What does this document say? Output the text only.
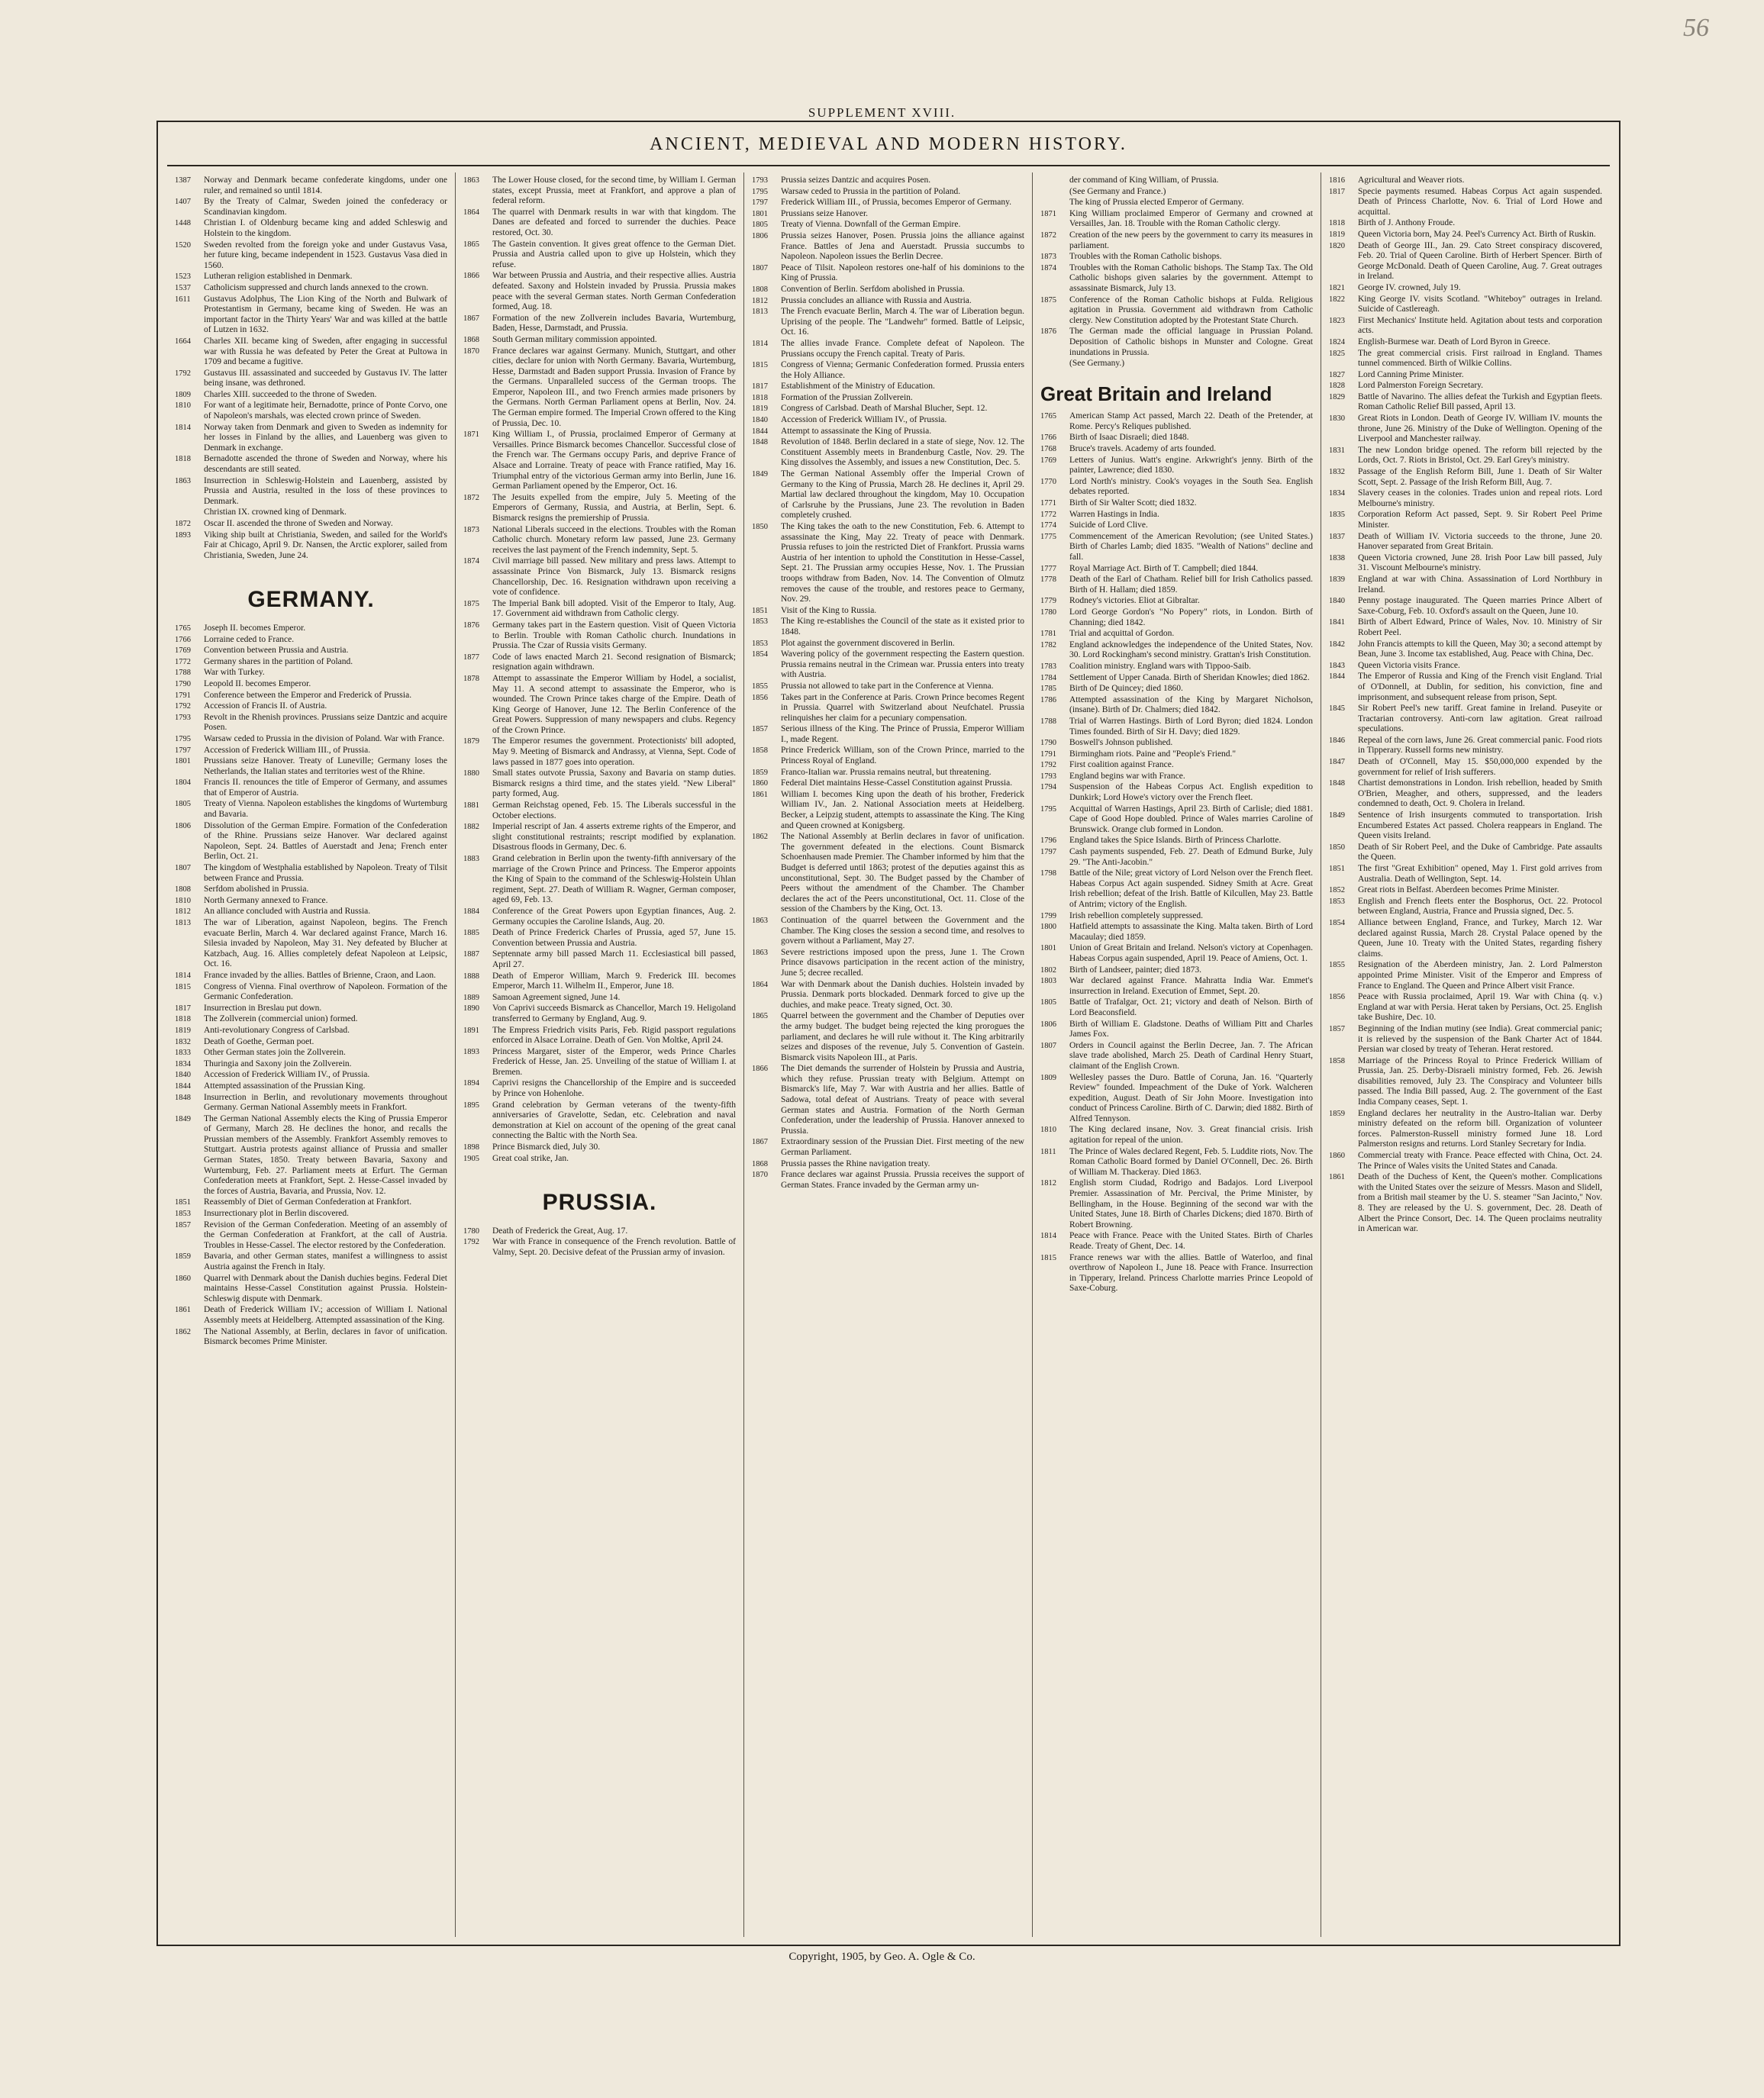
56
SUPPLEMENT XVIII.
ANCIENT, MEDIEVAL AND MODERN HISTORY.
1387	Norway and Denmark became confederate kingdoms, under one ruler, and remained so until 1814.
1407	By the Treaty of Calmar, Sweden joined the confederacy or Scandinavian kingdom.
1448	Christian I. of Oldenburg became king and added Schleswig and Holstein to the kingdom.
1520	Sweden revolted from the foreign yoke and under Gustavus Vasa, her future king, became independent in 1523. Gustavus Vasa died in 1560.
1523	Lutheran religion established in Denmark.
1537	Catholicism suppressed and church lands annexed to the crown.
1611	Gustavus Adolphus, The Lion King of the North and Bulwark of Protestantism in Germany, became king of Sweden. He was an important factor in the Thirty Years' War and was killed at the battle of Lutzen in 1632.
1664	Charles XII. became king of Sweden, after engaging in successful war with Russia he was defeated by Peter the Great at Pultowa in 1709 and became a fugitive.
1792	Gustavus III. assassinated and succeeded by Gustavus IV. The latter being insane, was dethroned.
1809	Charles XIII. succeeded to the throne of Sweden.
1810	For want of a legitimate heir, Bernadotte, prince of Ponte Corvo, one of Napoleon's marshals, was elected crown prince of Sweden.
1814	Norway taken from Denmark and given to Sweden as indemnity for her losses in Finland by the allies, and Lauenberg was given to Denmark in exchange.
1818	Bernadotte ascended the throne of Sweden and Norway, where his descendants are still seated.
1863	Insurrection in Schleswig-Holstein and Lauenberg, assisted by Prussia and Austria, resulted in the loss of these provinces to Denmark.
Christian IX. crowned king of Denmark.
1872	Oscar II. ascended the throne of Sweden and Norway.
1893	Viking ship built at Christiania, Sweden, and sailed for the World's Fair at Chicago, April 9. Dr. Nansen, the Arctic explorer, sailed from Christiania, Sweden, June 24.
GERMANY.
1765	Joseph II. becomes Emperor.
1766	Lorraine ceded to France.
1769	Convention between Prussia and Austria.
1772	Germany shares in the partition of Poland.
1788	War with Turkey.
1790	Leopold II. becomes Emperor.
1791	Conference between the Emperor and Frederick of Prussia.
1792	Accession of Francis II. of Austria.
1793	Revolt in the Rhenish provinces. Prussians seize Dantzic and acquire Posen.
1795	Warsaw ceded to Prussia in the division of Poland. War with France.
1797	Accession of Frederick William III., of Prussia.
1801	Prussians seize Hanover. Treaty of Luneville; Germany loses the Netherlands, the Italian states and territories west of the Rhine.
1804	Francis II. renounces the title of Emperor of Germany, and assumes that of Emperor of Austria.
1805	Treaty of Vienna. Napoleon establishes the kingdoms of Wurtemburg and Bavaria.
1806	Dissolution of the German Empire. Formation of the Confederation of the Rhine. Prussians seize Hanover. War declared against Napoleon, Sept. 24. Battles of Auerstadt and Jena; French enter Berlin, Oct. 21.
1807	The kingdom of Westphalia established by Napoleon. Treaty of Tilsit between France and Prussia.
1808	Serfdom abolished in Prussia.
1810	North Germany annexed to France.
1812	An alliance concluded with Austria and Russia.
1813	The war of Liberation, against Napoleon, begins. The French evacuate Berlin, March 4. War declared against France, March 16. Silesia invaded by Napoleon, May 31. Ney defeated by Blucher at Katzbach, Aug. 16. Allies completely defeat Napoleon at Leipsic, Oct. 16.
1814	France invaded by the allies. Battles of Brienne, Craon, and Laon.
1815	Congress of Vienna. Final overthrow of Napoleon. Formation of the Germanic Confederation.
1817	Insurrection in Breslau put down.
1818	The Zollverein (commercial union) formed.
1819	Anti-revolutionary Congress of Carlsbad.
1832	Death of Goethe, German poet.
1833	Other German states join the Zollverein.
1834	Thuringia and Saxony join the Zollverein.
1840	Accession of Frederick William IV., of Prussia.
1844	Attempted assassination of the Prussian King.
1848	Insurrection in Berlin, and revolutionary movements throughout Germany. German National Assembly meets in Frankfort.
1849	The German National Assembly elects the King of Prussia Emperor of Germany, March 28. He declines the honor, and recalls the Prussian members of the Assembly. Frankfort Assembly removes to Stuttgart. Austria protests against alliance of Prussia and smaller German States, 1850. Treaty between Bavaria, Saxony and Wurtemburg, Feb. 27. Parliament meets at Erfurt. The German Confederation meets at Frankfort, Sept. 2. Hesse-Cassel invaded by the forces of Austria, Bavaria, and Prussia, Nov. 12.
1851	Reassembly of Diet of German Confederation at Frankfort.
1853	Insurrectionary plot in Berlin discovered.
1857	Revision of the German Confederation. Meeting of an assembly of the German Confederation at Frankfort, at the call of Austria. Troubles in Hesse-Cassel. The elector restored by the Confederation.
1859	Bavaria, and other German states, manifest a willingness to assist Austria against the French in Italy.
1860	Quarrel with Denmark about the Danish duchies begins. Federal Diet maintains Hesse-Cassel Constitution against Prussia. Holstein-Schleswig dispute with Denmark.
1861	Death of Frederick William IV.; accession of William I. National Assembly meets at Heidelberg. Attempted assassination of the King.
1862	The National Assembly, at Berlin, declares in favor of unification. Bismarck becomes Prime Minister.
1863	The Lower House closed, for the second time, by William I. German states, except Prussia, meet at Frankfort, and approve a plan of federal reform.
1864	The quarrel with Denmark results in war with that kingdom. The Danes are defeated and forced to surrender the duchies. Peace restored, Oct. 30.
1865	The Gastein convention. It gives great offence to the German Diet. Prussia and Austria called upon to give up Holstein, which they refuse.
1866	War between Prussia and Austria, and their respective allies. Austria defeated. Saxony and Holstein invaded by Prussia. Prussia makes peace with the several German states. North German Confederation formed, Aug. 18.
1867	Formation of the new Zollverein includes Bavaria, Wurtemburg, Baden, Hesse, Darmstadt, and Prussia.
1868	South German military commission appointed.
1870	France declares war against Germany. Munich, Stuttgart, and other cities, declare for union with North Germany. Bavaria, Wurtemburg, Hesse, Darmstadt and Baden support Prussia. Invasion of France by the Germans. Unparalleled success of the German troops. The Emperor, Napoleon III., and two French armies made prisoners by the Germans. North German Parliament opens at Berlin, Nov. 24. The German empire formed. The Imperial Crown offered to the King of Prussia, Dec. 10.
1871	King William I., of Prussia, proclaimed Emperor of Germany at Versailles. Prince Bismarck becomes Chancellor. Successful close of the French war. The Germans occupy Paris, and deprive France of Alsace and Lorraine. Treaty of peace with France ratified, May 16. Triumphal entry of the victorious German army into Berlin, June 16. German Parliament opened by the Emperor, Oct. 16.
1872	The Jesuits expelled from the empire, July 5. Meeting of the Emperors of Germany, Russia, and Austria, at Berlin, Sept. 6. Bismarck resigns the premiership of Prussia.
1873	National Liberals succeed in the elections. Troubles with the Roman Catholic church. Monetary reform law passed, June 23. Germany receives the last payment of the French indemnity, Sept. 5.
1874	Civil marriage bill passed. New military and press laws. Attempt to assassinate Prince Von Bismarck, July 13. Bismarck resigns Chancellorship, Dec. 16. Resignation withdrawn upon receiving a vote of confidence.
1875	The Imperial Bank bill adopted. Visit of the Emperor to Italy, Aug. 17. Government aid withdrawn from Catholic clergy.
1876	Germany takes part in the Eastern question. Visit of Queen Victoria to Berlin. Trouble with Roman Catholic church. Inundations in Prussia. The Czar of Russia visits Germany.
1877	Code of laws enacted March 21. Second resignation of Bismarck; resignation again withdrawn.
1878	Attempt to assassinate the Emperor William by Hodel, a socialist, May 11. A second attempt to assassinate the Emperor, who is wounded. The Crown Prince takes charge of the Empire. Death of King George of Hanover, June 12. The Berlin Conference of the Great Powers. Suppression of many newspapers and clubs. Regency of the Crown Prince.
1879	The Emperor resumes the government. Protectionists' bill adopted, May 9. Meeting of Bismarck and Andrassy, at Vienna, Sept. Code of laws passed in 1877 goes into operation.
1880	Small states outvote Prussia, Saxony and Bavaria on stamp duties. Bismarck resigns a third time, and the states yield. "New Liberal" party formed, Aug.
1881	German Reichstag opened, Feb. 15. The Liberals successful in the October elections.
1882	Imperial rescript of Jan. 4 asserts extreme rights of the Emperor, and slight constitutional restraints; rescript modified by explanation. Disastrous floods in Germany, Dec. 6.
1883	Grand celebration in Berlin upon the twenty-fifth anniversary of the marriage of the Crown Prince and Princess. The Emperor appoints the King of Spain to the command of the Schleswig-Holstein Uhlan regiment, Sept. 27. Death of William R. Wagner, German composer, aged 69, Feb. 13.
1884	Conference of the Great Powers upon Egyptian finances, Aug. 2. Germany occupies the Caroline Islands, Aug. 20.
1885	Death of Prince Frederick Charles of Prussia, aged 57, June 15. Convention between Prussia and Austria.
1887	Septennate army bill passed March 11. Ecclesiastical bill passed, April 27.
1888	Death of Emperor William, March 9. Frederick III. becomes Emperor, March 11. Wilhelm II., Emperor, June 18.
1889	Samoan Agreement signed, June 14.
1890	Von Caprivi succeeds Bismarck as Chancellor, March 19. Heligoland transferred to Germany by England, Aug. 9.
1891	The Empress Friedrich visits Paris, Feb. Rigid passport regulations enforced in Alsace Lorraine. Death of Gen. Von Moltke, April 24.
1893	Princess Margaret, sister of the Emperor, weds Prince Charles Frederick of Hesse, Jan. 25. Unveiling of the statue of William I. at Bremen.
1894	Caprivi resigns the Chancellorship of the Empire and is succeeded by Prince von Hohenlohe.
1895	Grand celebration by German veterans of the twenty-fifth anniversaries of Gravelotte, Sedan, etc. Celebration and naval demonstration at Kiel on account of the opening of the great canal connecting the Baltic with the North Sea.
1898	Prince Bismarck died, July 30.
1905	Great coal strike, Jan.
PRUSSIA.
1780	Death of Frederick the Great, Aug. 17.
1792	War with France in consequence of the French revolution. Battle of Valmy, Sept. 20. Decisive defeat of the Prussian army of invasion.
1793	Prussia seizes Dantzic and acquires Posen.
1795	Warsaw ceded to Prussia in the partition of Poland.
1797	Frederick William III., of Prussia, becomes Emperor of Germany.
1801	Prussians seize Hanover.
1805	Treaty of Vienna. Downfall of the German Empire.
1806	Prussia seizes Hanover, Posen. Prussia joins the alliance against France. Battles of Jena and Auerstadt. Prussia succumbs to Napoleon. Napoleon issues the Berlin Decree.
1807	Peace of Tilsit. Napoleon restores one-half of his dominions to the King of Prussia.
1808	Convention of Berlin. Serfdom abolished in Prussia.
1812	Prussia concludes an alliance with Russia and Austria.
1813	The French evacuate Berlin, March 4. The war of Liberation begun. Uprising of the people. The "Landwehr" formed. Battle of Leipsic, Oct. 16.
1814	The allies invade France. Complete defeat of Napoleon. The Prussians occupy the French capital. Treaty of Paris.
1815	Congress of Vienna; Germanic Confederation formed. Prussia enters the Holy Alliance.
1817	Establishment of the Ministry of Education.
1818	Formation of the Prussian Zollverein.
1819	Congress of Carlsbad. Death of Marshal Blucher, Sept. 12.
1840	Accession of Frederick William IV., of Prussia.
1844	Attempt to assassinate the King of Prussia.
1848	Revolution of 1848. Berlin declared in a state of siege, Nov. 12. The Constituent Assembly meets in Brandenburg Castle, Nov. 29. The King dissolves the Assembly, and issues a new Constitution, Dec. 5.
1849	The German National Assembly offer the Imperial Crown of Germany to the King of Prussia, March 28. He declines it, April 29. Martial law declared throughout the kingdom, May 10. Occupation of Carlsruhe by the Prussians, June 23. The revolution in Baden completely crushed.
1850	The King takes the oath to the new Constitution, Feb. 6. Attempt to assassinate the King, May 22. Treaty of peace with Denmark. Prussia refuses to join the restricted Diet of Frankfort. Prussia warns Austria of her intention to uphold the Constitution in Hesse-Cassel, Sept. 21. The Prussian army occupies Hesse, Nov. 1. The Prussian troops withdraw from Baden, Nov. 14. The Convention of Olmutz removes the cause of the trouble, and restores peace to Germany, Nov. 29.
1851	Visit of the King to Russia.
1853	The King re-establishes the Council of the state as it existed prior to 1848.
1853	Plot against the government discovered in Berlin.
1854	Wavering policy of the government respecting the Eastern question. Prussia remains neutral in the Crimean war. Prussia enters into treaty with Austria.
1855	Prussia not allowed to take part in the Conference at Vienna.
1856	Takes part in the Conference at Paris. Crown Prince becomes Regent in Prussia. Quarrel with Switzerland about Neufchatel. Prussia relinquishes her claim for a pecuniary compensation.
1857	Serious illness of the King. The Prince of Prussia, Emperor William I., made Regent.
1858	Prince Frederick William, son of the Crown Prince, married to the Princess Royal of England.
1859	Franco-Italian war. Prussia remains neutral, but threatening.
1860	Federal Diet maintains Hesse-Cassel Constitution against Prussia.
1861	William I. becomes King upon the death of his brother, Frederick William IV., Jan. 2. National Association meets at Heidelberg. Becker, a Leipzig student, attempts to assassinate the King. The King and Queen crowned at Konigsberg.
1862	The National Assembly at Berlin declares in favor of unification. The government defeated in the elections. Count Bismarck Schoenhausen made Premier. The Chamber informed by him that the Budget is deferred until 1863; protest of the deputies against this as unconstitutional, Sept. 30. The Budget passed by the Chamber of Peers without the amendment of the Chamber. The Chamber declares the act of the Peers unconstitutional, Oct. 11. Close of the session of the Chambers by the King, Oct. 13.
1863	Continuation of the quarrel between the Government and the Chamber. The King closes the session a second time, and resolves to govern without a Parliament, May 27.
1863	Severe restrictions imposed upon the press, June 1. The Crown Prince disavows participation in the recent action of the ministry, June 5; decree recalled.
1864	War with Denmark about the Danish duchies. Holstein invaded by Prussia. Denmark ports blockaded. Denmark forced to give up the duchies, and make peace. Treaty signed, Oct. 30.
1865	Quarrel between the government and the Chamber of Deputies over the army budget. The budget being rejected the king prorogues the parliament, and declares he will rule without it. The King arbitrarily seizes and disposes of the revenue, July 5. Convention of Gastein. Bismarck visits Napoleon III., at Paris.
1866	The Diet demands the surrender of Holstein by Prussia and Austria, which they refuse. Prussian treaty with Belgium. Attempt on Bismarck's life, May 7. War with Austria and her allies. Battle of Sadowa, total defeat of Austrians. Treaty of peace with several German states and Austria. Formation of the North German Confederation, under the leadership of Prussia. Hanover annexed to Prussia.
1867	Extraordinary session of the Prussian Diet. First meeting of the new German Parliament.
1868	Prussia passes the Rhine navigation treaty.
1870	France declares war against Prussia. Prussia receives the support of German States. France invaded by the German army un-
der command of King William, of Prussia.
(See Germany and France.)
The king of Prussia elected Emperor of Germany.
1871	King William proclaimed Emperor of Germany and crowned at Versailles, Jan. 18. Trouble with the Roman Catholic clergy.
1872	Creation of the new peers by the government to carry its measures in parliament.
1873	Troubles with the Roman Catholic bishops.
1874	Troubles with the Roman Catholic bishops. The Stamp Tax. The Old Catholic bishops given salaries by the government. Attempt to assassinate Bismarck, July 13.
1875	Conference of the Roman Catholic bishops at Fulda. Religious agitation in Prussia. Government aid withdrawn from Catholic clergy. New Constitution adopted by the Protestant State Church.
1876	The German made the official language in Prussian Poland. Deposition of Catholic bishops in Munster and Cologne. Great inundations in Prussia.
(See Germany.)
Great Britain and Ireland
1765	American Stamp Act passed, March 22. Death of the Pretender, at Rome. Percy's Reliques published.
1766	Birth of Isaac Disraeli; died 1848.
1768	Bruce's travels. Academy of arts founded.
1769	Letters of Junius. Watt's engine. Arkwright's jenny. Birth of the painter, Lawrence; died 1830.
1770	Lord North's ministry. Cook's voyages in the South Sea. English debates reported.
1771	Birth of Sir Walter Scott; died 1832.
1772	Warren Hastings in India.
1774	Suicide of Lord Clive.
1775	Commencement of the American Revolution; (see United States.) Birth of Charles Lamb; died 1835. "Wealth of Nations" decline and fall.
1777	Royal Marriage Act. Birth of T. Campbell; died 1844.
1778	Death of the Earl of Chatham. Relief bill for Irish Catholics passed. Birth of H. Hallam; died 1859.
1779	Rodney's victories. Eliot at Gibraltar.
1780	Lord George Gordon's "No Popery" riots, in London. Birth of Channing; died 1842.
1781	Trial and acquittal of Gordon.
1782	England acknowledges the independence of the United States, Nov. 30. Lord Rockingham's second ministry. Grattan's Irish Constitution.
1783	Coalition ministry. England wars with Tippoo-Saib.
1784	Settlement of Upper Canada. Birth of Sheridan Knowles; died 1862.
1785	Birth of De Quincey; died 1860.
1786	Attempted assassination of the King by Margaret Nicholson, (insane). Birth of Dr. Chalmers; died 1842.
1788	Trial of Warren Hastings. Birth of Lord Byron; died 1824. London Times founded. Birth of Sir H. Davy; died 1829.
1790	Boswell's Johnson published.
1791	Birmingham riots. Paine and "People's Friend."
1792	First coalition against France.
1793	England begins war with France.
1794	Suspension of the Habeas Corpus Act. English expedition to Dunkirk; Lord Howe's victory over the French fleet.
1795	Acquittal of Warren Hastings, April 23. Birth of Carlisle; died 1881. Cape of Good Hope doubled. Prince of Wales marries Caroline of Brunswick. Orange club formed in London.
1796	England takes the Spice Islands. Birth of Princess Charlotte.
1797	Cash payments suspended, Feb. 27. Death of Edmund Burke, July 29. "The Anti-Jacobin."
1798	Battle of the Nile; great victory of Lord Nelson over the French fleet. Habeas Corpus Act again suspended. Sidney Smith at Acre. Great Irish rebellion; defeat of the Irish. Battle of Kilcullen, May 23. Battle of Antrim; victory of the English.
1799	Irish rebellion completely suppressed.
1800	Hatfield attempts to assassinate the King. Malta taken. Birth of Lord Macaulay; died 1859.
1801	Union of Great Britain and Ireland. Nelson's victory at Copenhagen. Habeas Corpus again suspended, April 19. Peace of Amiens, Oct. 1.
1802	Birth of Landseer, painter; died 1873.
1803	War declared against France. Mahratta India War. Emmet's insurrection in Ireland. Execution of Emmet, Sept. 20.
1805	Battle of Trafalgar, Oct. 21; victory and death of Nelson. Birth of Lord Beaconsfield.
1806	Birth of William E. Gladstone. Deaths of William Pitt and Charles James Fox.
1807	Orders in Council against the Berlin Decree, Jan. 7. The African slave trade abolished, March 25. Death of Cardinal Henry Stuart, claimant of the English Crown.
1809	Wellesley passes the Duro. Battle of Coruna, Jan. 16. "Quarterly Review" founded. Impeachment of the Duke of York. Walcheren expedition, August. Death of Sir John Moore. Investigation into conduct of Princess Caroline. Birth of C. Darwin; died 1882. Birth of Alfred Tennyson.
1810	The King declared insane, Nov. 3. Great financial crisis. Irish agitation for repeal of the union.
1811	The Prince of Wales declared Regent, Feb. 5. Luddite riots, Nov. The Roman Catholic Board formed by Daniel O'Connell, Dec. 26. Birth of William M. Thackeray. Died 1863.
1812	English storm Ciudad, Rodrigo and Badajos. Lord Liverpool Premier. Assassination of Mr. Percival, the Prime Minister, by Bellingham, in the House. Beginning of the second war with the United States, June 18. Birth of Charles Dickens; died 1870. Birth of Robert Browning.
1814	Peace with France. Peace with the United States. Birth of Charles Reade. Treaty of Ghent, Dec. 14.
1815	France renews war with the allies. Battle of Waterloo, and final overthrow of Napoleon I., June 18. Peace with France. Insurrection in Tipperary, Ireland. Princess Charlotte marries Prince Leopold of Saxe-Coburg.
1816	Agricultural and Weaver riots.
1817	Specie payments resumed. Habeas Corpus Act again suspended. Death of Princess Charlotte, Nov. 6. Trial of Lord Howe and acquittal.
1818	Birth of J. Anthony Froude.
1819	Queen Victoria born, May 24. Peel's Currency Act. Birth of Ruskin.
1820	Death of George III., Jan. 29. Cato Street conspiracy discovered, Feb. 20. Trial of Queen Caroline. Birth of Herbert Spencer. Birth of George McDonald. Death of Queen Caroline, Aug. 7. Great outrages in Ireland.
1821	George IV. crowned, July 19.
1822	King George IV. visits Scotland. "Whiteboy" outrages in Ireland. Suicide of Castlereagh.
1823	First Mechanics' Institute held. Agitation about tests and corporation acts.
1824	English-Burmese war. Death of Lord Byron in Greece.
1825	The great commercial crisis. First railroad in England. Thames tunnel commenced. Birth of Wilkie Collins.
1827	Lord Canning Prime Minister.
1828	Lord Palmerston Foreign Secretary.
1829	Battle of Navarino. The allies defeat the Turkish and Egyptian fleets. Roman Catholic Relief Bill passed, April 13.
1830	Great Riots in London. Death of George IV. William IV. mounts the throne, June 26. Ministry of the Duke of Wellington. Opening of the Liverpool and Manchester railway.
1831	The new London bridge opened. The reform bill rejected by the Lords, Oct. 7. Riots in Bristol, Oct. 29. Earl Grey's ministry.
1832	Passage of the English Reform Bill, June 1. Death of Sir Walter Scott, Sept. 2. Passage of the Irish Reform Bill, Aug. 7.
1834	Slavery ceases in the colonies. Trades union and repeal riots. Lord Melbourne's ministry.
1835	Corporation Reform Act passed, Sept. 9. Sir Robert Peel Prime Minister.
1837	Death of William IV. Victoria succeeds to the throne, June 20. Hanover separated from Great Britain.
1838	Queen Victoria crowned, June 28. Irish Poor Law bill passed, July 31. Viscount Melbourne's ministry.
1839	England at war with China. Assassination of Lord Northbury in Ireland.
1840	Penny postage inaugurated. The Queen marries Prince Albert of Saxe-Coburg, Feb. 10. Oxford's assault on the Queen, June 10.
1841	Birth of Albert Edward, Prince of Wales, Nov. 10. Ministry of Sir Robert Peel.
1842	John Francis attempts to kill the Queen, May 30; a second attempt by Bean, June 3. Income tax established, Aug. Peace with China, Dec.
1843	Queen Victoria visits France.
1844	The Emperor of Russia and King of the French visit England. Trial of O'Donnell, at Dublin, for sedition, his conviction, fine and imprisonment, and subsequent release from prison, Sept.
1845	Sir Robert Peel's new tariff. Great famine in Ireland. Puseyite or Tractarian controversy. Anti-corn law agitation. Great railroad speculations.
1846	Repeal of the corn laws, June 26. Great commercial panic. Food riots in Tipperary. Russell forms new ministry.
1847	Death of O'Connell, May 15. $50,000,000 expended by the government for relief of Irish sufferers.
1848	Chartist demonstrations in London. Irish rebellion, headed by Smith O'Brien, Meagher, and others, suppressed, and the leaders condemned to death, Oct. 9. Cholera in Ireland.
1849	Sentence of Irish insurgents commuted to transportation. Irish Encumbered Estates Act passed. Cholera reappears in England. The Queen visits Ireland.
1850	Death of Sir Robert Peel, and the Duke of Cambridge. Pate assaults the Queen.
1851	The first "Great Exhibition" opened, May 1. First gold arrives from Australia. Death of Wellington, Sept. 14.
1852	Great riots in Belfast. Aberdeen becomes Prime Minister.
1853	English and French fleets enter the Bosphorus, Oct. 22. Protocol between England, Austria, France and Prussia signed, Dec. 5.
1854	Alliance between England, France, and Turkey, March 12. War declared against Russia, March 28. Crystal Palace opened by the Queen, June 10. Treaty with the United States, regarding fishery claims.
1855	Resignation of the Aberdeen ministry, Jan. 2. Lord Palmerston appointed Prime Minister. Visit of the Emperor and Empress of France to England. The Queen and Prince Albert visit France.
1856	Peace with Russia proclaimed, April 19. War with China (q. v.) England at war with Persia. Herat taken by Persians, Oct. 25. English take Bushire, Dec. 10.
1857	Beginning of the Indian mutiny (see India). Great commercial panic; it is relieved by the suspension of the Bank Charter Act of 1844. Persian war closed by treaty of Teheran. Herat restored.
1858	Marriage of the Princess Royal to Prince Frederick William of Prussia, Jan. 25. Derby-Disraeli ministry formed, Feb. 26. Jewish disabilities removed, July 23. The Conspiracy and Volunteer bills passed. The India Bill passed, Aug. 2. The government of the East India Company ceases, Sept. 1.
1859	England declares her neutrality in the Austro-Italian war. Derby ministry defeated on the reform bill. Organization of volunteer forces. Palmerston-Russell ministry formed June 18. Lord Palmerston resigns and returns. Lord Stanley Secretary for India.
1860	Commercial treaty with France. Peace effected with China, Oct. 24. The Prince of Wales visits the United States and Canada.
1861	Death of the Duchess of Kent, the Queen's mother. Complications with the United States over the seizure of Messrs. Mason and Slidell, from a British mail steamer by the U. S. steamer "San Jacinto," Nov. 8. They are released by the U. S. government, Dec. 28. Death of Albert the Prince Consort, Dec. 14. The Queen proclaims neutrality in American war.
Copyright, 1905, by Geo. A. Ogle & Co.
